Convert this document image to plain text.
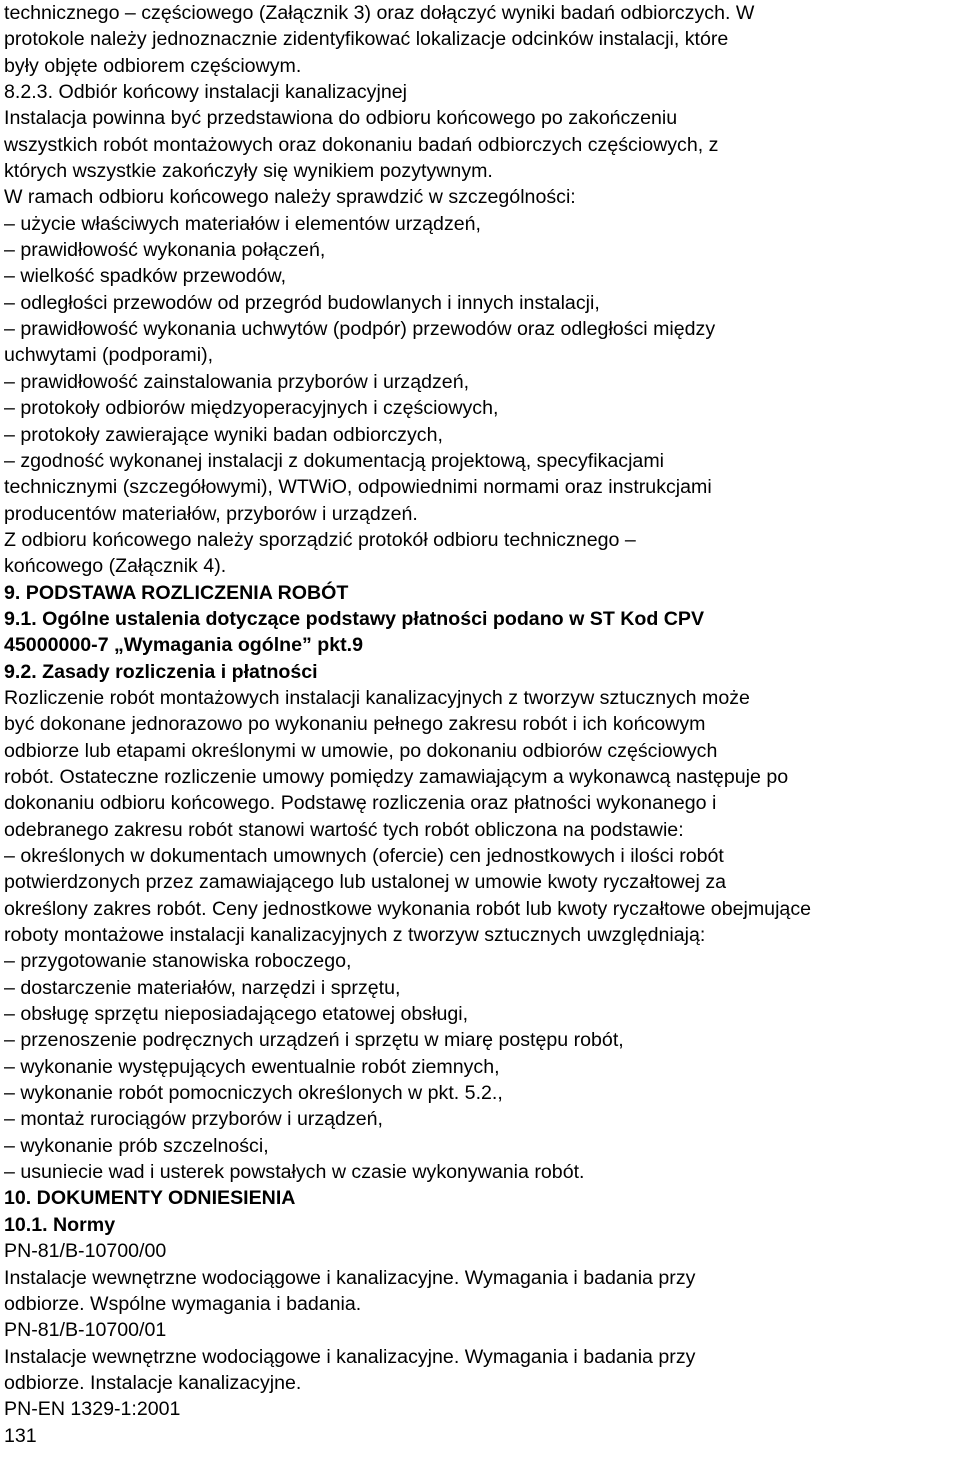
technicznego – częściowego (Załącznik 3) oraz dołączyć wyniki badań odbiorczych. W
protokole należy jednoznacznie zidentyfikować lokalizacje odcinków instalacji, które
były objęte odbiorem częściowym.
8.2.3. Odbiór końcowy instalacji kanalizacyjnej
Instalacja powinna być przedstawiona do odbioru końcowego po zakończeniu
wszystkich robót montażowych oraz dokonaniu badań odbiorczych częściowych, z
których wszystkie zakończyły się wynikiem pozytywnym.
W ramach odbioru końcowego należy sprawdzić w szczególności:
– użycie właściwych materiałów i elementów urządzeń,
– prawidłowość wykonania połączeń,
– wielkość spadków przewodów,
– odległości przewodów od przegród budowlanych i innych instalacji,
– prawidłowość wykonania uchwytów (podpór) przewodów oraz odległości między
uchwytami (podporami),
– prawidłowość zainstalowania przyborów i urządzeń,
– protokoły odbiorów międzyoperacyjnych i częściowych,
– protokoły zawierające wyniki badan odbiorczych,
– zgodność wykonanej instalacji z dokumentacją projektową, specyfikacjami
technicznymi (szczegółowymi), WTWiO, odpowiednimi normami oraz instrukcjami
producentów materiałów, przyborów i urządzeń.
Z odbioru końcowego należy sporządzić protokół odbioru technicznego –
końcowego (Załącznik 4).
9. PODSTAWA ROZLICZENIA ROBÓT
9.1. Ogólne ustalenia dotyczące podstawy płatności podano w ST Kod CPV
45000000-7 „Wymagania ogólne” pkt.9
9.2. Zasady rozliczenia i płatności
Rozliczenie robót montażowych instalacji kanalizacyjnych z tworzyw sztucznych może
być dokonane jednorazowo po wykonaniu pełnego zakresu robót i ich końcowym
odbiorze lub etapami określonymi w umowie, po dokonaniu odbiorów częściowych
robót. Ostateczne rozliczenie umowy pomiędzy zamawiającym a wykonawcą następuje po
dokonaniu odbioru końcowego. Podstawę rozliczenia oraz płatności wykonanego i
odebranego zakresu robót stanowi wartość tych robót obliczona na podstawie:
– określonych w dokumentach umownych (ofercie) cen jednostkowych i ilości robót
potwierdzonych przez zamawiającego lub ustalonej w umowie kwoty ryczałtowej za
określony zakres robót. Ceny jednostkowe wykonania robót lub kwoty ryczałtowe obejmujące
roboty montażowe instalacji kanalizacyjnych z tworzyw sztucznych uwzględniają:
– przygotowanie stanowiska roboczego,
– dostarczenie materiałów, narzędzi i sprzętu,
– obsługę sprzętu nieposiadającego etatowej obsługi,
– przenoszenie podręcznych urządzeń i sprzętu w miarę postępu robót,
– wykonanie występujących ewentualnie robót ziemnych,
– wykonanie robót pomocniczych określonych w pkt. 5.2.,
– montaż rurociągów przyborów i urządzeń,
– wykonanie prób szczelności,
– usuniecie wad i usterek powstałych w czasie wykonywania robót.
10. DOKUMENTY ODNIESIENIA
10.1. Normy
PN-81/B-10700/00
Instalacje wewnętrzne wodociągowe i kanalizacyjne. Wymagania i badania przy
odbiorze. Wspólne wymagania i badania.
PN-81/B-10700/01
Instalacje wewnętrzne wodociągowe i kanalizacyjne. Wymagania i badania przy
odbiorze. Instalacje kanalizacyjne.
PN-EN 1329-1:2001
131
